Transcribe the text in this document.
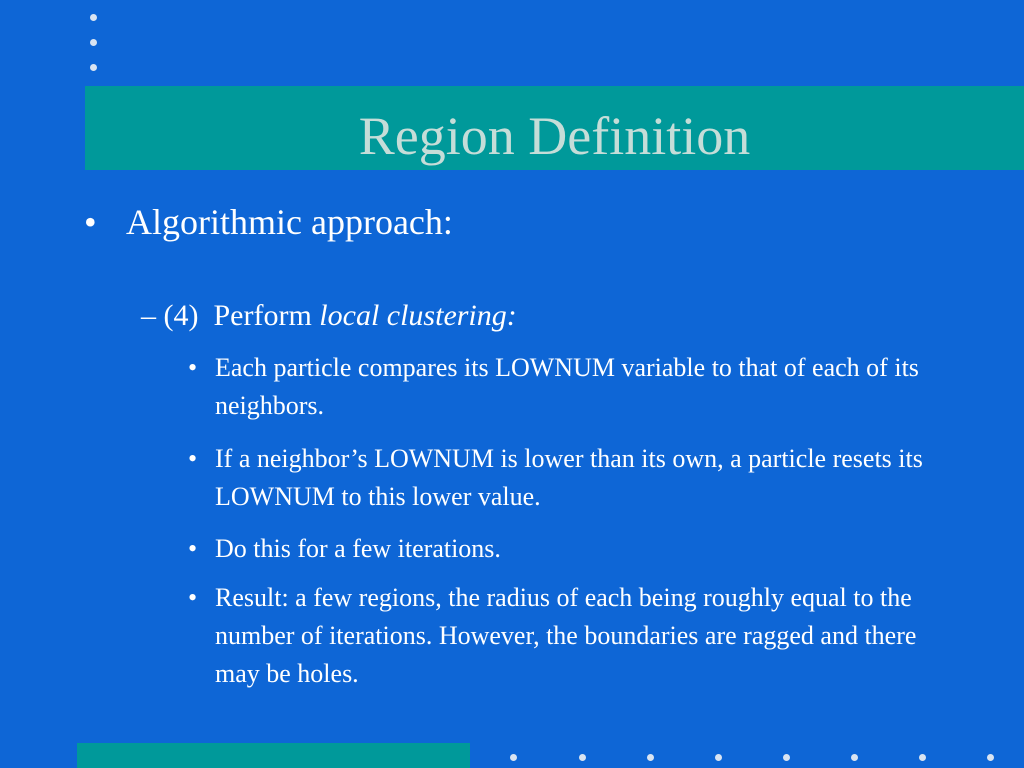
Region Definition
• Algorithmic approach:
– (4)  Perform local clustering:
• Each particle compares its LOWNUM variable to that of each of its neighbors.
• If a neighbor’s LOWNUM is lower than its own, a particle resets its LOWNUM to this lower value.
• Do this for a few iterations.
• Result: a few regions, the radius of each being roughly equal to the number of iterations. However, the boundaries are ragged and there may be holes.
